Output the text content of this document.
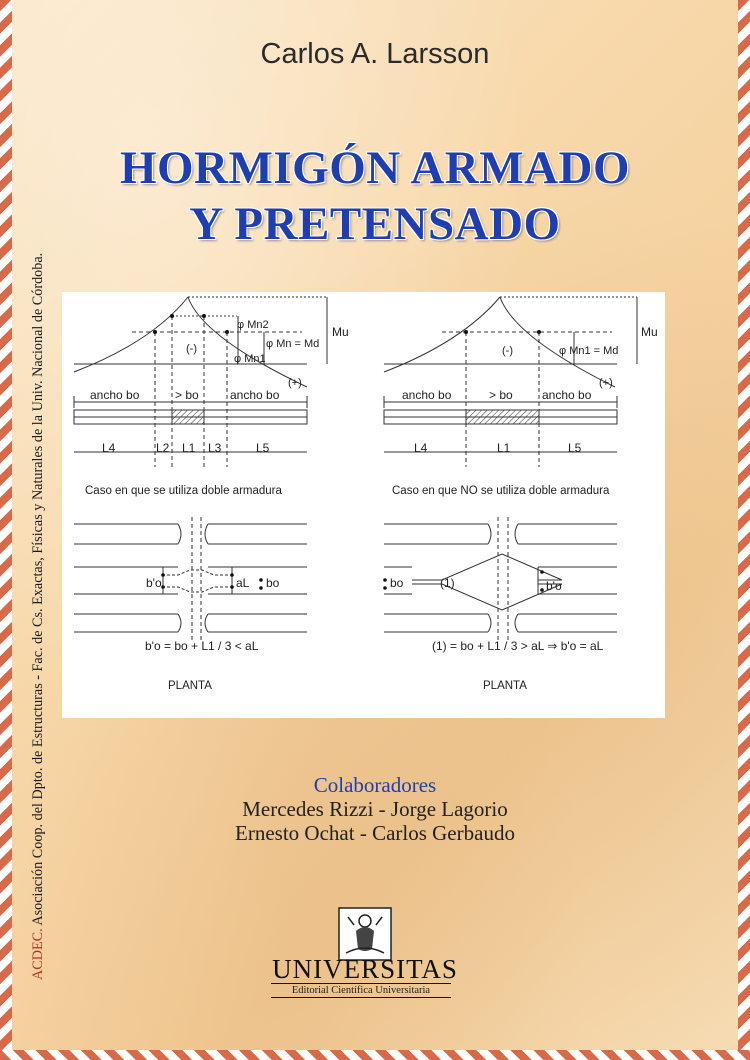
ACDEC. Asociación Coop. del Dpto. de Estructuras - Fac. de Cs. Exactas, Físicas y Naturales de la Univ. Nacional de Córdoba.
Carlos A. Larsson
HORMIGÓN ARMADO
Y PRETENSADO
φ Mn2
φ Mn = Md
φ Mn1
(-)
(+)
Mu
ancho bo	> bo	ancho bo
L4	L2 L1 L3	L5
Caso en que se utiliza doble armadura
b'o	aL bo
b'o = bo + L1 / 3 < aL
PLANTA
φ Mn1 = Md
(-)
(+)
Mu
ancho bo	> bo ancho bo
L4	L1	L5
Caso en que NO se utiliza doble armadura
bo	(1)	b'o
(1) = bo + L1 / 3 > aL ⇒ b'o = aL
PLANTA
Colaboradores
Mercedes Rizzi - Jorge Lagorio
Ernesto Ochat - Carlos Gerbaudo
UNIVERSITAS
Editorial Científica Universitaria
